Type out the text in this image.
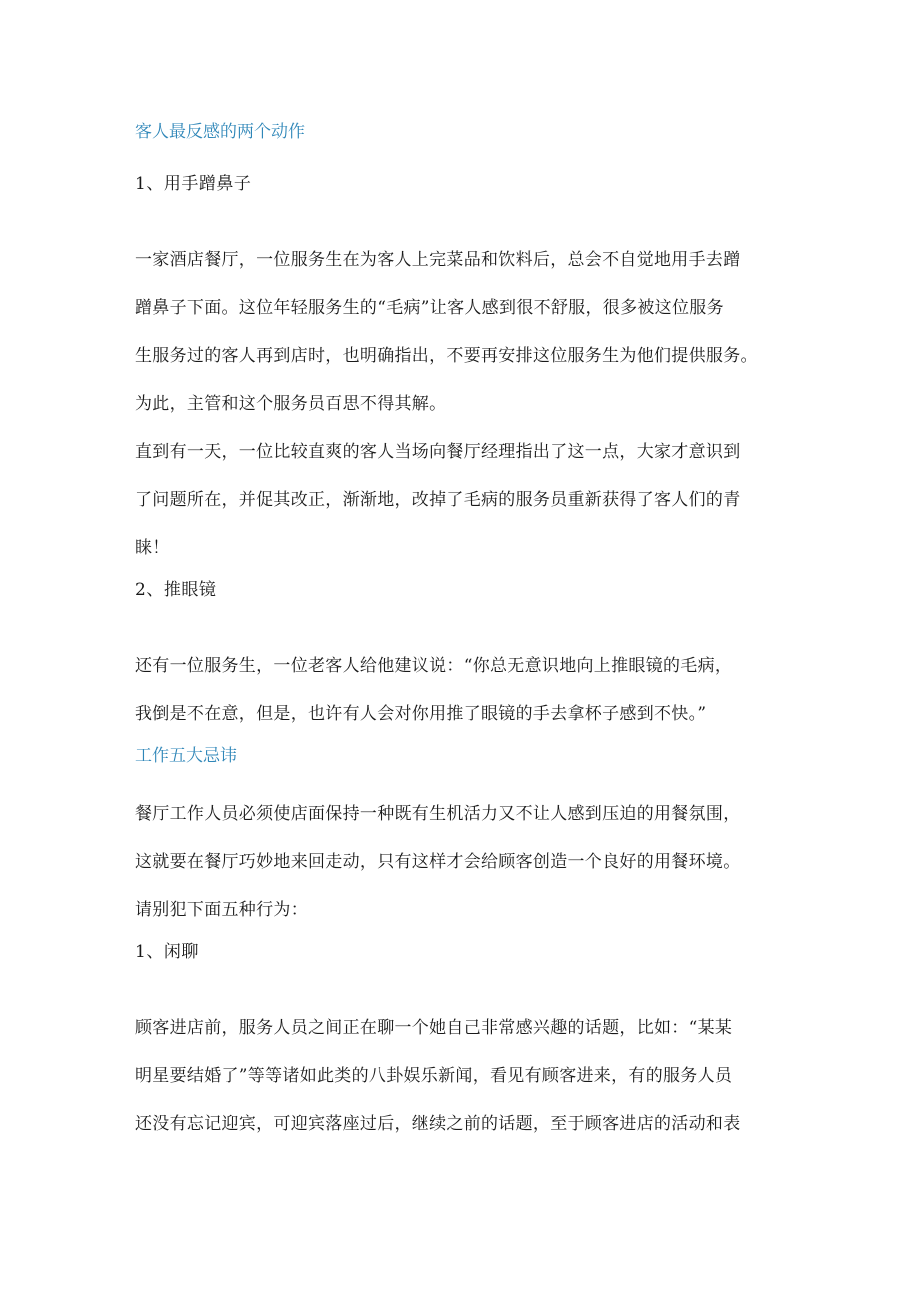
客人最反感的两个动作
1、用手蹭鼻子
一家酒店餐厅，一位服务生在为客人上完菜品和饮料后，总会不自觉地用手去蹭
蹭鼻子下面。这位年轻服务生的“毛病”让客人感到很不舒服，很多被这位服务
生服务过的客人再到店时，也明确指出，不要再安排这位服务生为他们提供服务。
为此，主管和这个服务员百思不得其解。
直到有一天，一位比较直爽的客人当场向餐厅经理指出了这一点，大家才意识到
了问题所在，并促其改正，渐渐地，改掉了毛病的服务员重新获得了客人们的青
睐！
2、推眼镜
还有一位服务生，一位老客人给他建议说：“你总无意识地向上推眼镜的毛病，
我倒是不在意，但是，也许有人会对你用推了眼镜的手去拿杯子感到不快。”
工作五大忌讳
餐厅工作人员必须使店面保持一种既有生机活力又不让人感到压迫的用餐氛围，
这就要在餐厅巧妙地来回走动，只有这样才会给顾客创造一个良好的用餐环境。
请别犯下面五种行为：
1、闲聊
顾客进店前，服务人员之间正在聊一个她自己非常感兴趣的话题，比如：“某某
明星要结婚了”等等诸如此类的八卦娱乐新闻，看见有顾客进来，有的服务人员
还没有忘记迎宾，可迎宾落座过后，继续之前的话题，至于顾客进店的活动和表
